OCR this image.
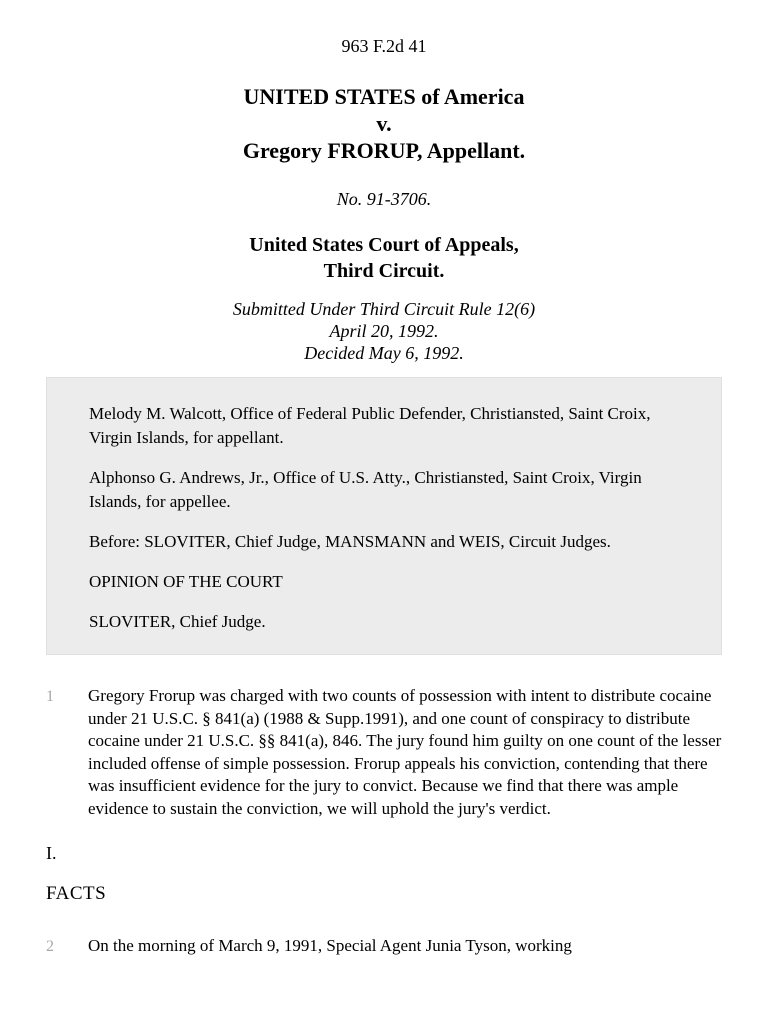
963 F.2d 41
UNITED STATES of America
v.
Gregory FRORUP, Appellant.
No. 91-3706.
United States Court of Appeals,
Third Circuit.
Submitted Under Third Circuit Rule 12(6)
April 20, 1992.
Decided May 6, 1992.

Melody M. Walcott, Office of Federal Public Defender, Christiansted, Saint Croix, Virgin Islands, for appellant.

Alphonso G. Andrews, Jr., Office of U.S. Atty., Christiansted, Saint Croix, Virgin Islands, for appellee.

Before: SLOVITER, Chief Judge, MANSMANN and WEIS, Circuit Judges.

OPINION OF THE COURT

SLOVITER, Chief Judge.

1 Gregory Frorup was charged with two counts of possession with intent to distribute cocaine under 21 U.S.C. § 841(a) (1988 & Supp.1991), and one count of conspiracy to distribute cocaine under 21 U.S.C. §§ 841(a), 846. The jury found him guilty on one count of the lesser included offense of simple possession. Frorup appeals his conviction, contending that there was insufficient evidence for the jury to convict. Because we find that there was ample evidence to sustain the conviction, we will uphold the jury's verdict.

I.
FACTS
2 On the morning of March 9, 1991, Special Agent Junia Tyson, working
